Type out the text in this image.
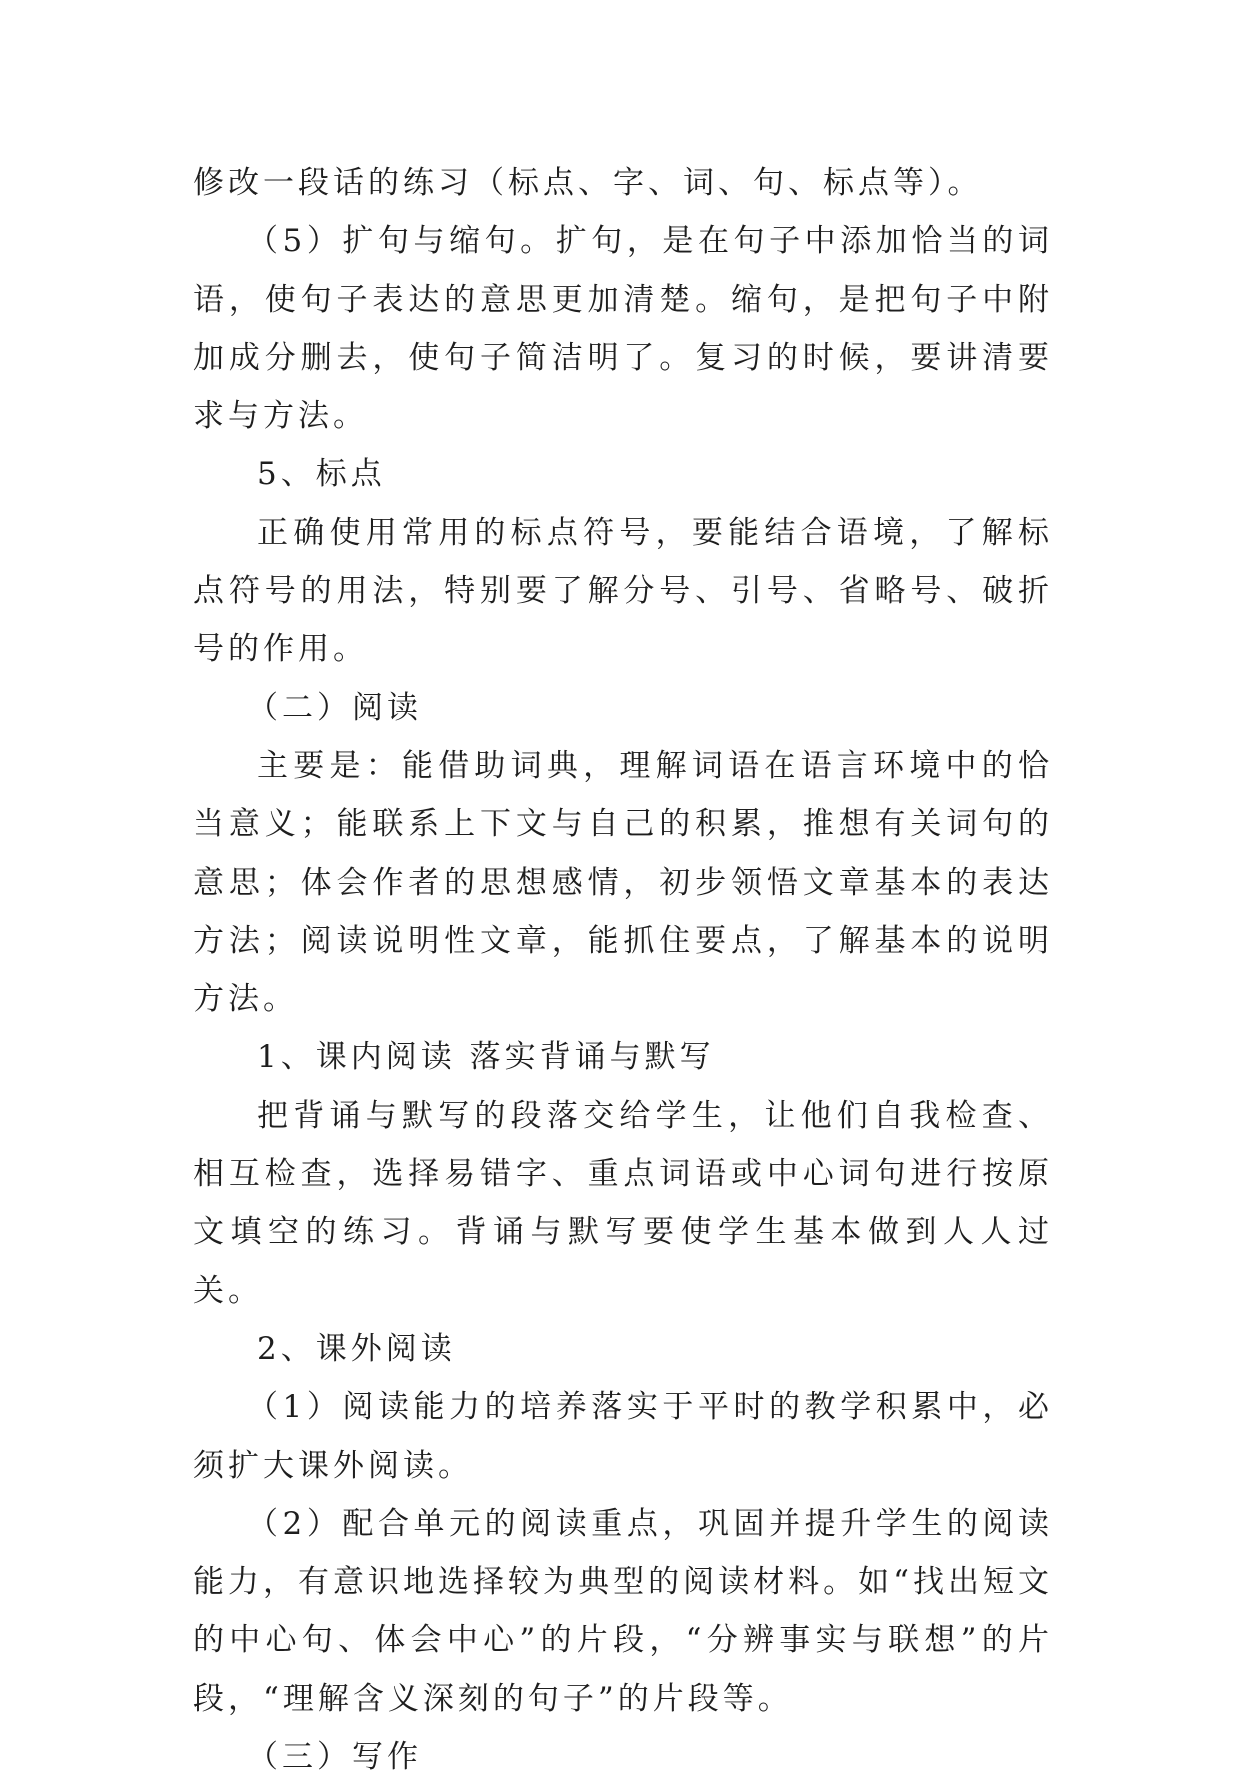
修改一段话的练习（标点、字、词、句、标点等）。

（5）扩句与缩句。扩句，是在句子中添加恰当的词语，使句子表达的意思更加清楚。缩句，是把句子中附加成分删去，使句子简洁明了。复习的时候，要讲清要求与方法。

5、标点

正确使用常用的标点符号，要能结合语境，了解标点符号的用法，特别要了解分号、引号、省略号、破折号的作用。

（二）阅读

主要是：能借助词典，理解词语在语言环境中的恰当意义；能联系上下文与自己的积累，推想有关词句的意思；体会作者的思想感情，初步领悟文章基本的表达方法；阅读说明性文章，能抓住要点，了解基本的说明方法。

1、课内阅读 落实背诵与默写

把背诵与默写的段落交给学生，让他们自我检查、相互检查，选择易错字、重点词语或中心词句进行按原文填空的练习。背诵与默写要使学生基本做到人人过关。

2、课外阅读

（1）阅读能力的培养落实于平时的教学积累中，必须扩大课外阅读。

（2）配合单元的阅读重点，巩固并提升学生的阅读能力，有意识地选择较为典型的阅读材料。如“找出短文的中心句、体会中心”的片段，“分辨事实与联想”的片段，“理解含义深刻的句子”的片段等。

（三）写作
